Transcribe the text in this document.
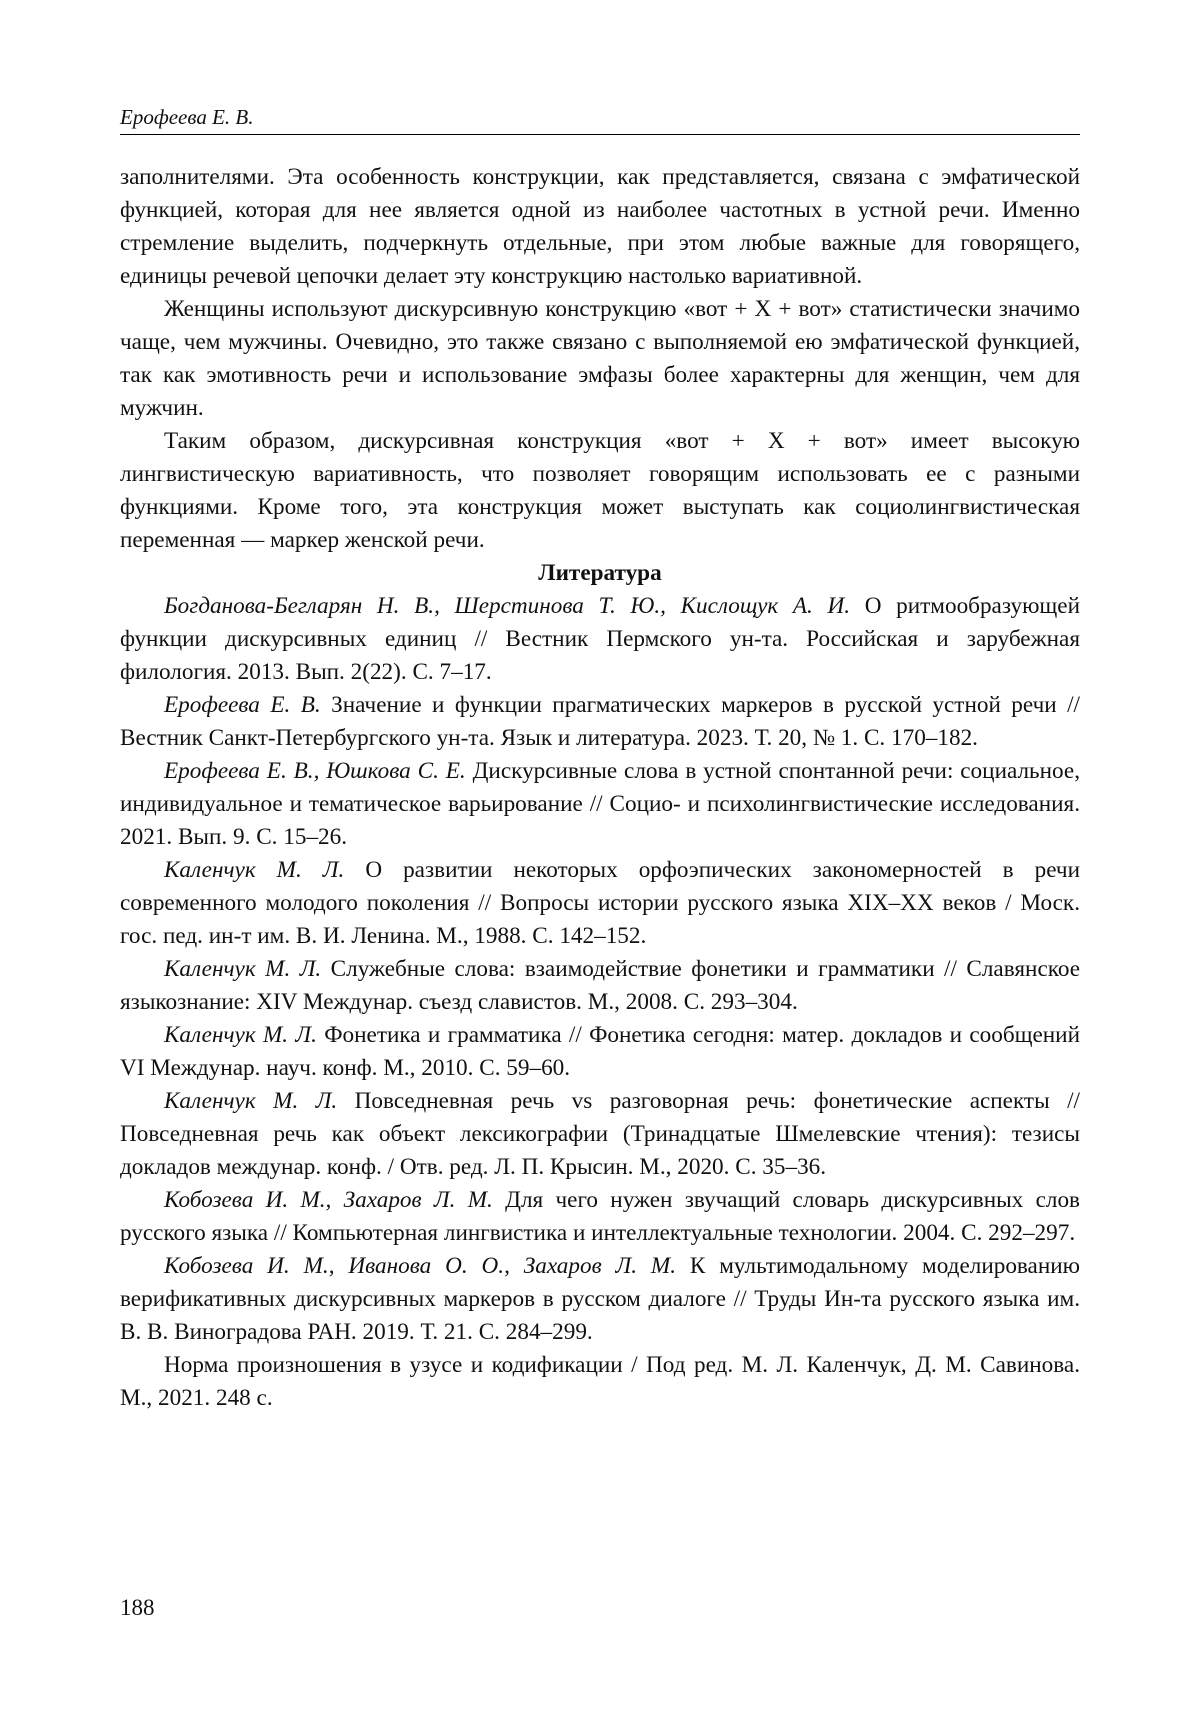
Ерофеева Е. В.

заполнителями. Эта особенность конструкции, как представляется, связана с эмфатической функцией, которая для нее является одной из наиболее частотных в устной речи. Именно стремление выделить, подчеркнуть отдельные, при этом любые важные для говорящего, единицы речевой цепочки делает эту конструкцию настолько вариативной.

Женщины используют дискурсивную конструкцию «вот + Х + вот» статистически значимо чаще, чем мужчины. Очевидно, это также связано с выполняемой ею эмфатической функцией, так как эмотивность речи и использование эмфазы более характерны для женщин, чем для мужчин.

Таким образом, дискурсивная конструкция «вот + Х + вот» имеет высокую лингвистическую вариативность, что позволяет говорящим использовать ее с разными функциями. Кроме того, эта конструкция может выступать как социолингвистическая переменная — маркер женской речи.

Литература

Богданова-Бегларян Н. В., Шерстинова Т. Ю., Кислощук А. И. О ритмообразующей функции дискурсивных единиц // Вестник Пермского ун-та. Российская и зарубежная филология. 2013. Вып. 2(22). С. 7–17.

Ерофеева Е. В. Значение и функции прагматических маркеров в русской устной речи // Вестник Санкт-Петербургского ун-та. Язык и литература. 2023. Т. 20, № 1. С. 170–182.

Ерофеева Е. В., Юшкова С. Е. Дискурсивные слова в устной спонтанной речи: социальное, индивидуальное и тематическое варьирование // Социо- и психолингвистические исследования. 2021. Вып. 9. С. 15–26.

Каленчук М. Л. О развитии некоторых орфоэпических закономерностей в речи современного молодого поколения // Вопросы истории русского языка XIX–XX веков / Моск. гос. пед. ин-т им. В. И. Ленина. М., 1988. С. 142–152.

Каленчук М. Л. Служебные слова: взаимодействие фонетики и грамматики // Славянское языкознание: XIV Междунар. съезд славистов. М., 2008. С. 293–304.

Каленчук М. Л. Фонетика и грамматика // Фонетика сегодня: матер. докладов и сообщений VI Междунар. науч. конф. М., 2010. С. 59–60.

Каленчук М. Л. Повседневная речь vs разговорная речь: фонетические аспекты // Повседневная речь как объект лексикографии (Тринадцатые Шмелевские чтения): тезисы докладов междунар. конф. / Отв. ред. Л. П. Крысин. М., 2020. С. 35–36.

Кобозева И. М., Захаров Л. М. Для чего нужен звучащий словарь дискурсивных слов русского языка // Компьютерная лингвистика и интеллектуальные технологии. 2004. С. 292–297.

Кобозева И. М., Иванова О. О., Захаров Л. М. К мультимодальному моделированию верификативных дискурсивных маркеров в русском диалоге // Труды Ин-та русского языка им. В. В. Виноградова РАН. 2019. Т. 21. С. 284–299.

Норма произношения в узусе и кодификации / Под ред. М. Л. Каленчук, Д. М. Савинова. М., 2021. 248 с.

188
